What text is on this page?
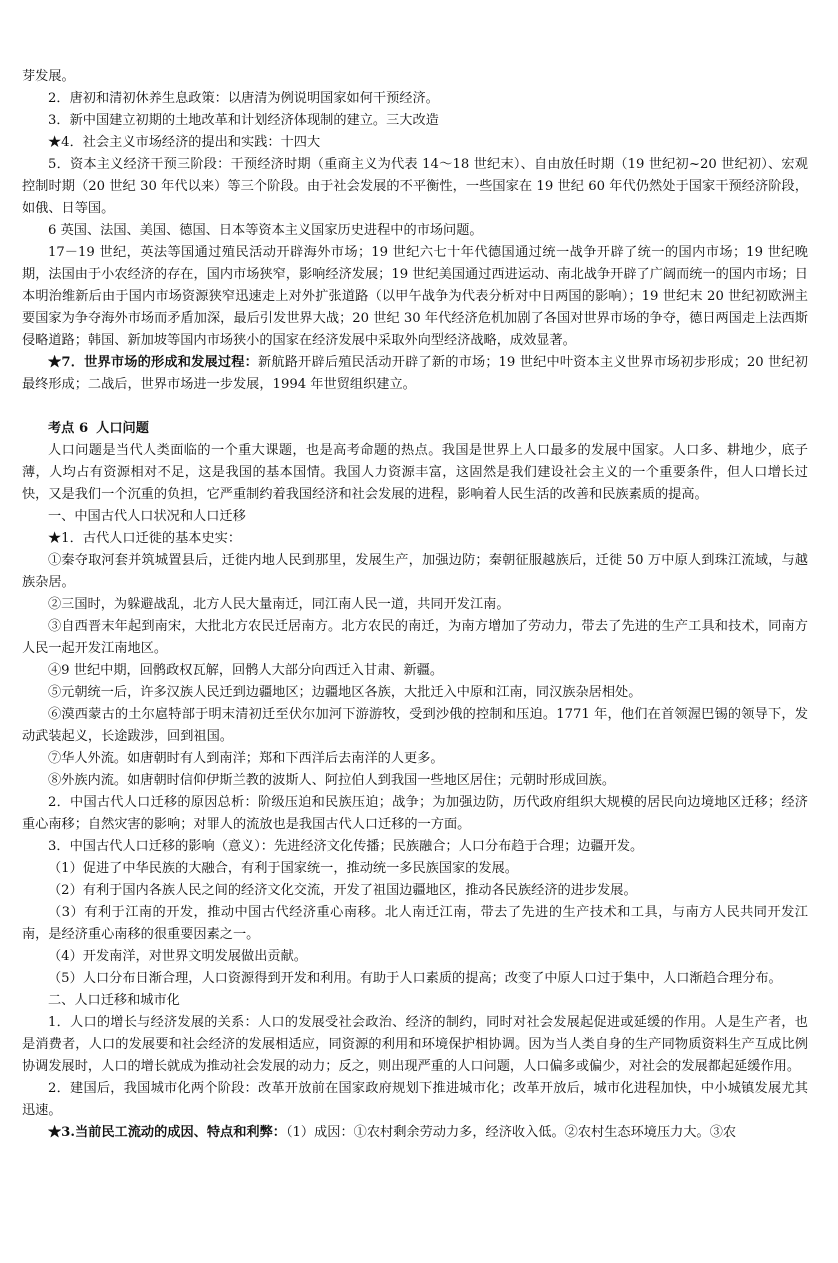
芽发展。

2．唐初和清初休养生息政策：以唐清为例说明国家如何干预经济。

3．新中国建立初期的土地改革和计划经济体现制的建立。三大改造

★4．社会主义市场经济的提出和实践：十四大

5．资本主义经济干预三阶段：干预经济时期（重商主义为代表 14～18 世纪末）、自由放任时期（19 世纪初~20 世纪初）、宏观控制时期（20 世纪 30 年代以来）等三个阶段。由于社会发展的不平衡性，一些国家在 19 世纪 60 年代仍然处于国家干预经济阶段，如俄、日等国。

6 英国、法国、美国、德国、日本等资本主义国家历史进程中的市场问题。

17－19 世纪，英法等国通过殖民活动开辟海外市场；19 世纪六七十年代德国通过统一战争开辟了统一的国内市场；19 世纪晚期，法国由于小农经济的存在，国内市场狭窄，影响经济发展；19 世纪美国通过西进运动、南北战争开辟了广阔而统一的国内市场；日本明治维新后由于国内市场资源狭窄迅速走上对外扩张道路（以甲午战争为代表分析对中日两国的影响）；19 世纪末 20 世纪初欧洲主要国家为争夺海外市场而矛盾加深，最后引发世界大战；20 世纪 30 年代经济危机加剧了各国对世界市场的争夺，德日两国走上法西斯侵略道路；韩国、新加坡等国内市场狭小的国家在经济发展中采取外向型经济战略，成效显著。

★7．世界市场的形成和发展过程：新航路开辟后殖民活动开辟了新的市场；19 世纪中叶资本主义世界市场初步形成；20 世纪初最终形成；二战后，世界市场进一步发展，1994 年世贸组织建立。

考点 6 人口问题

人口问题是当代人类面临的一个重大课题，也是高考命题的热点。我国是世界上人口最多的发展中国家。人口多、耕地少，底子薄，人均占有资源相对不足，这是我国的基本国情。我国人力资源丰富，这固然是我们建设社会主义的一个重要条件，但人口增长过快，又是我们一个沉重的负担，它严重制约着我国经济和社会发展的进程，影响着人民生活的改善和民族素质的提高。

一、中国古代人口状况和人口迁移

★1．古代人口迁徙的基本史实：

①秦夺取河套并筑城置县后，迁徙内地人民到那里，发展生产，加强边防；秦朝征服越族后，迁徙 50 万中原人到珠江流域，与越族杂居。

②三国时，为躲避战乱，北方人民大量南迁，同江南人民一道，共同开发江南。

③自西晋末年起到南宋，大批北方农民迁居南方。北方农民的南迁，为南方增加了劳动力，带去了先进的生产工具和技术，同南方人民一起开发江南地区。

④9 世纪中期，回鹘政权瓦解，回鹘人大部分向西迁入甘肃、新疆。

⑤元朝统一后，许多汉族人民迁到边疆地区；边疆地区各族，大批迁入中原和江南，同汉族杂居相处。

⑥漠西蒙古的土尔扈特部于明末清初迁至伏尔加河下游游牧，受到沙俄的控制和压迫。1771 年，他们在首领渥巴锡的领导下，发动武装起义，长途跋涉，回到祖国。

⑦华人外流。如唐朝时有人到南洋；郑和下西洋后去南洋的人更多。

⑧外族内流。如唐朝时信仰伊斯兰教的波斯人、阿拉伯人到我国一些地区居住；元朝时形成回族。

2．中国古代人口迁移的原因总析：阶级压迫和民族压迫；战争；为加强边防，历代政府组织大规模的居民向边境地区迁移；经济重心南移；自然灾害的影响；对罪人的流放也是我国古代人口迁移的一方面。

3．中国古代人口迁移的影响（意义）：先进经济文化传播；民族融合；人口分布趋于合理；边疆开发。

（1）促进了中华民族的大融合，有利于国家统一，推动统一多民族国家的发展。

（2）有利于国内各族人民之间的经济文化交流，开发了祖国边疆地区，推动各民族经济的进步发展。

（3）有利于江南的开发，推动中国古代经济重心南移。北人南迁江南，带去了先进的生产技术和工具，与南方人民共同开发江南，是经济重心南移的很重要因素之一。

（4）开发南洋，对世界文明发展做出贡献。

（5）人口分布日渐合理，人口资源得到开发和利用。有助于人口素质的提高；改变了中原人口过于集中，人口渐趋合理分布。

二、人口迁移和城市化

1．人口的增长与经济发展的关系：人口的发展受社会政治、经济的制约，同时对社会发展起促进或延缓的作用。人是生产者，也是消费者，人口的发展要和社会经济的发展相适应，同资源的利用和环境保护相协调。因为当人类自身的生产同物质资料生产互成比例协调发展时，人口的增长就成为推动社会发展的动力；反之，则出现严重的人口问题，人口偏多或偏少，对社会的发展都起延缓作用。

2．建国后，我国城市化两个阶段：改革开放前在国家政府规划下推进城市化；改革开放后，城市化进程加快，中小城镇发展尤其迅速。

★3.当前民工流动的成因、特点和利弊：（1）成因：①农村剩余劳动力多，经济收入低。②农村生态环境压力大。③农
